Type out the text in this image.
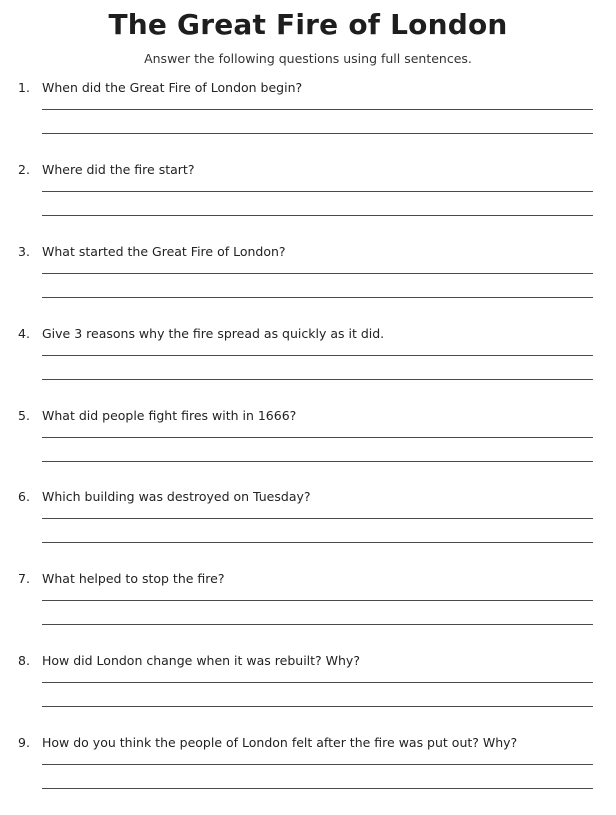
The Great Fire of London
Answer the following questions using full sentences.
1. When did the Great Fire of London begin?
2. Where did the fire start?
3. What started the Great Fire of London?
4. Give 3 reasons why the fire spread as quickly as it did.
5. What did people fight fires with in 1666?
6. Which building was destroyed on Tuesday?
7. What helped to stop the fire?
8. How did London change when it was rebuilt? Why?
9. How do you think the people of London felt after the fire was put out? Why?
